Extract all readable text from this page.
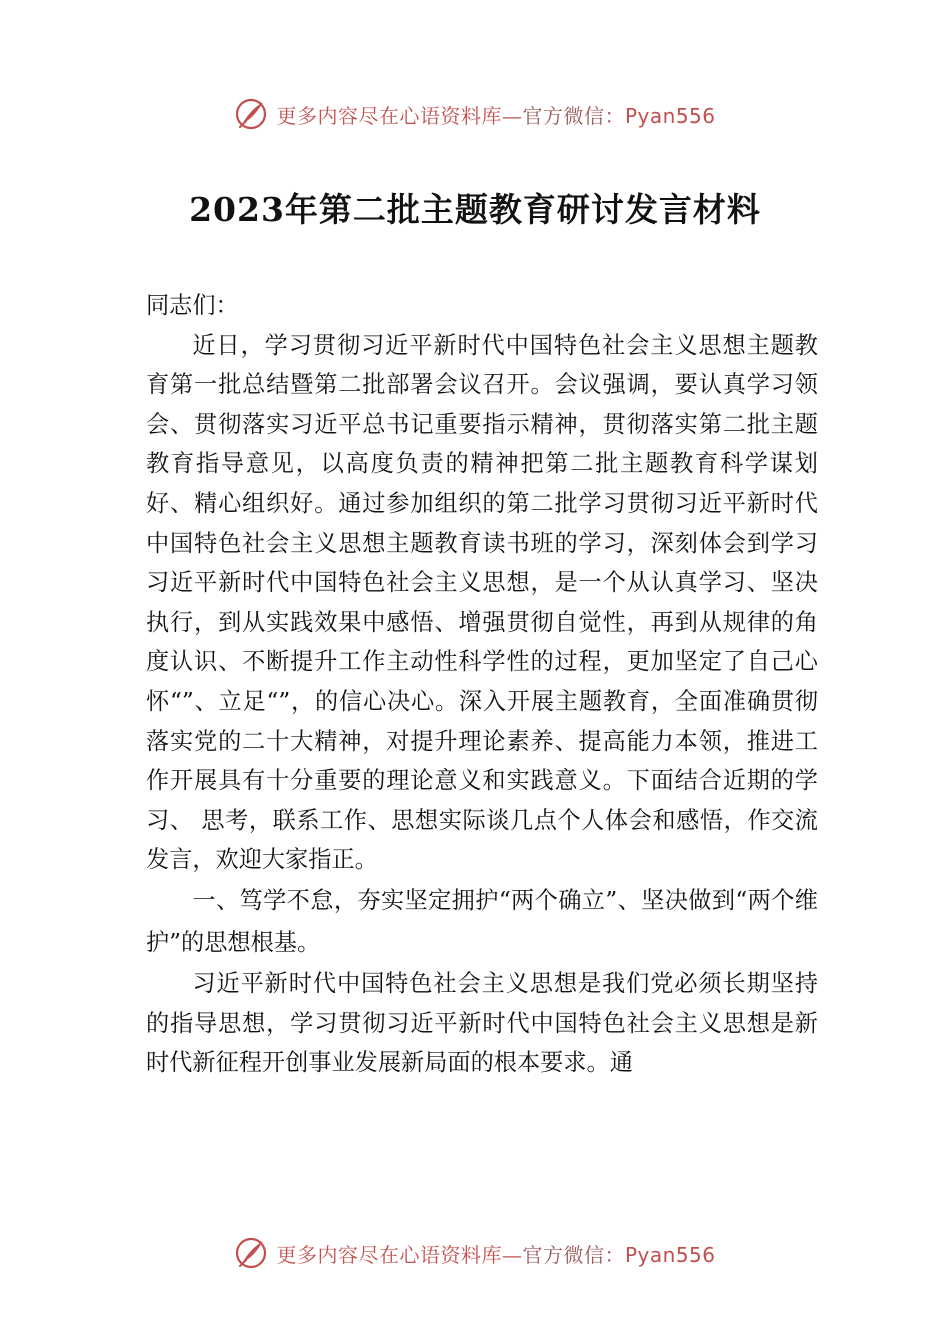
更多内容尽在心语资料库—官方微信：Pyan556
2023年第二批主题教育研讨发言材料

同志们：

近日，学习贯彻习近平新时代中国特色社会主义思想主题教育第一批总结暨第二批部署会议召开。会议强调，要认真学习领会、贯彻落实习近平总书记重要指示精神，贯彻落实第二批主题教育指导意见，以高度负责的精神把第二批主题教育科学谋划好、精心组织好。通过参加组织的第二批学习贯彻习近平新时代中国特色社会主义思想主题教育读书班的学习，深刻体会到学习习近平新时代中国特色社会主义思想，是一个从认真学习、坚决执行，到从实践效果中感悟、增强贯彻自觉性，再到从规律的角度认识、不断提升工作主动性科学性的过程，更加坚定了自己心怀“”、立足“”，的信心决心。深入开展主题教育，全面准确贯彻落实党的二十大精神，对提升理论素养、提高能力本领，推进工作开展具有十分重要的理论意义和实践意义。下面结合近期的学习、 思考，联系工作、思想实际谈几点个人体会和感悟，作交流发言，欢迎大家指正。

一、笃学不怠，夯实坚定拥护“两个确立”、坚决做到“两个维护”的思想根基。

习近平新时代中国特色社会主义思想是我们党必须长期坚持的指导思想，学习贯彻习近平新时代中国特色社会主义思想是新时代新征程开创事业发展新局面的根本要求。通

更多内容尽在心语资料库—官方微信：Pyan556
